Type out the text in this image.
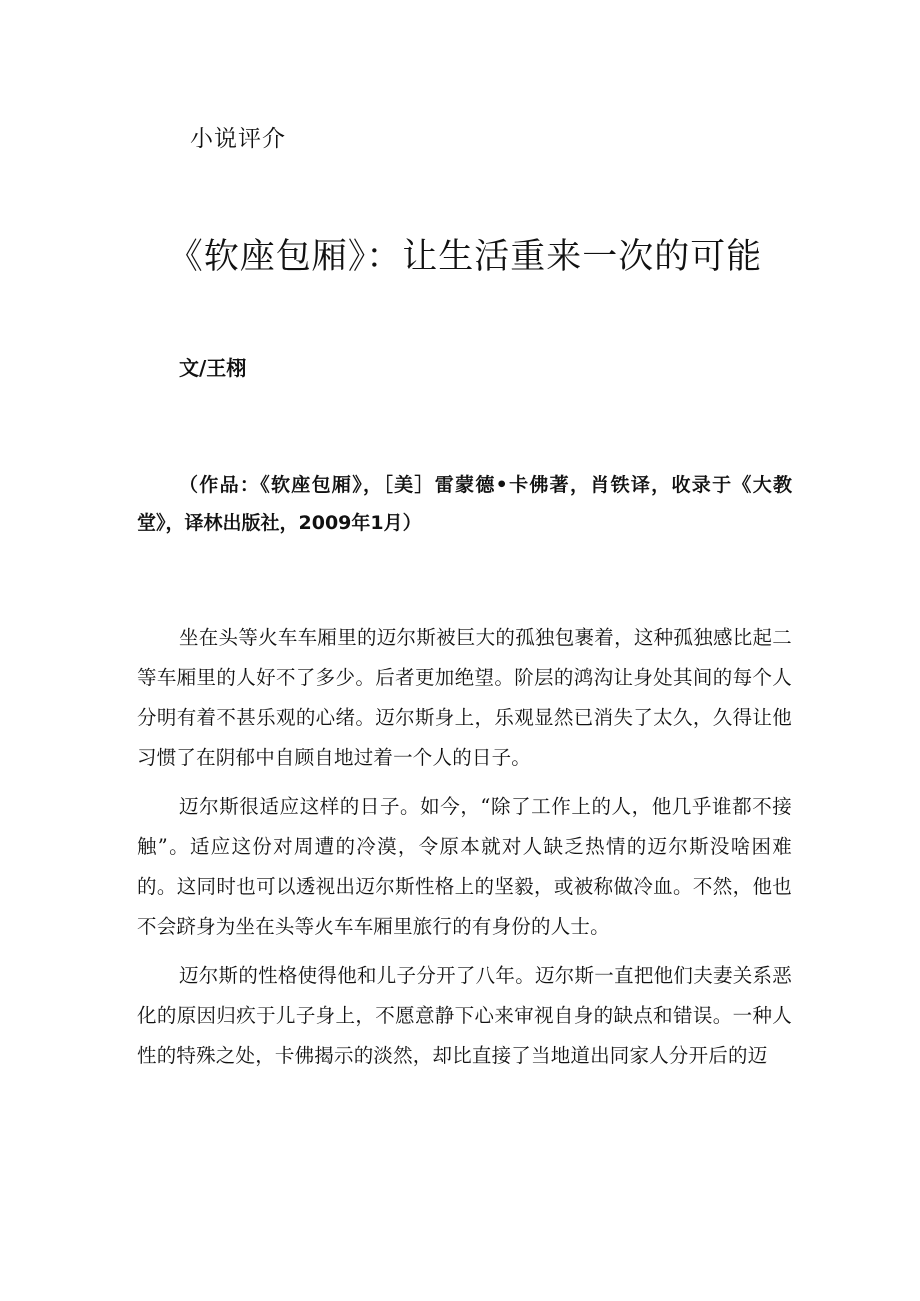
小说评介
《软座包厢》：让生活重来一次的可能
文/王栩
（作品：《软座包厢》，［美］雷蒙德•卡佛著，肖铁译，收录于《大教堂》，译林出版社，2009年1月）

坐在头等火车车厢里的迈尔斯被巨大的孤独包裹着，这种孤独感比起二等车厢里的人好不了多少。后者更加绝望。阶层的鸿沟让身处其间的每个人分明有着不甚乐观的心绪。迈尔斯身上，乐观显然已消失了太久，久得让他习惯了在阴郁中自顾自地过着一个人的日子。

迈尔斯很适应这样的日子。如今，“除了工作上的人，他几乎谁都不接触”。适应这份对周遭的冷漠，令原本就对人缺乏热情的迈尔斯没啥困难的。这同时也可以透视出迈尔斯性格上的坚毅，或被称做冷血。不然，他也不会跻身为坐在头等火车车厢里旅行的有身份的人士。

迈尔斯的性格使得他和儿子分开了八年。迈尔斯一直把他们夫妻关系恶化的原因归疚于儿子身上，不愿意静下心来审视自身的缺点和错误。一种人性的特殊之处，卡佛揭示的淡然，却比直接了当地道出同家人分开后的迈
